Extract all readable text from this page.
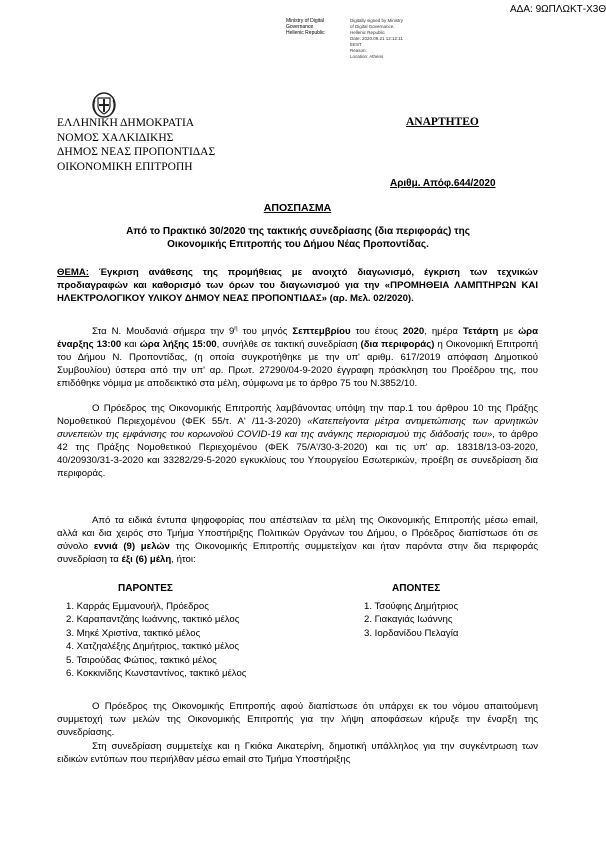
ΑΔΑ: 9ΩΠΛΩΚΤ-Χ3Θ
Ministry of Digital
Governance
Hellenic Republic
Digitally signed by Ministry
of Digital Governance,
Hellenic Republic
Date: 2020.09.21 12:12:11
EEST
Reason:
Location: Athens
ΕΛΛΗΝΙΚΗ ΔΗΜΟΚΡΑΤΙΑ
ΝΟΜΟΣ ΧΑΛΚΙΔΙΚΗΣ
ΔΗΜΟΣ ΝΕΑΣ ΠΡΟΠΟΝΤΙΔΑΣ
ΟΙΚΟΝΟΜΙΚΗ ΕΠΙΤΡΟΠΗ
ΑΝΑΡΤΗΤΕΟ
Αριθμ. Απόφ.644/2020
ΑΠΟΣΠΑΣΜΑ
Από το Πρακτικό 30/2020 της τακτικής συνεδρίασης (δια περιφοράς) της
Οικονομικής Επιτροπής του Δήμου Νέας Προποντίδας.
ΘΕΜΑ: Έγκριση ανάθεσης της προμήθειας με ανοιχτό διαγωνισμό, έγκριση των τεχνικών προδιαγραφών και καθορισμό των όρων του διαγωνισμού για την «ΠΡΟΜΗΘΕΙΑ ΛΑΜΠΤΗΡΩΝ ΚΑΙ ΗΛΕΚΤΡΟΛΟΓΙΚΟΥ ΥΛΙΚΟΥ ΔΗΜΟΥ ΝΕΑΣ ΠΡΟΠΟΝΤΙΔΑΣ» (αρ. Μελ. 02/2020).
Στα Ν. Μουδανιά σήμερα την $9^\eta$ του μηνός Σεπτεμβρίου του έτους 2020, ημέρα Τετάρτη με ώρα έναρξης 13:00 και ώρα λήξης 15:00, συνήλθε σε τακτική συνεδρίαση (δια περιφοράς) η Οικονομική Επιτροπή του Δήμου Ν. Προποντίδας, (η οποία συγκροτήθηκε με την υπ' αριθμ. 617/2019 απόφαση Δημοτικού Συμβουλίου) ύστερα από την υπ' αρ. Πρωτ. 27290/04-9-2020 έγγραφη πρόσκληση του Προέδρου της, που επιδόθηκε νόμιμα με αποδεικτικό στα μέλη, σύμφωνα με το άρθρο 75 του Ν.3852/10.
Ο Πρόεδρος της Οικονομικής Επιτροπής λαμβάνοντας υπόψη την παρ.1 του άρθρου 10 της Πράξης Νομοθετικού Περιεχομένου (ΦΕΚ 55/τ. Α' /11-3-2020) «Κατεπείγοντα μέτρα αντιμετώπισης των αρνητικών συνεπειών της εμφάνισης του κορωνοϊού COVID-19 και της ανάγκης περιορισμού της διάδοσής του», το άρθρο 42 της Πράξης Νομοθετικού Περιεχομένου (ΦΕΚ 75/Α'/30-3-2020) και τις υπ' αρ. 18318/13-03-2020, 40/20930/31-3-2020 και 33282/29-5-2020 εγκυκλίους του Υπουργείου Εσωτερικών, προέβη σε συνεδρίαση δια περιφοράς.
Από τα ειδικά έντυπα ψηφοφορίας που απέστειλαν τα μέλη της Οικονομικής Επιτροπής μέσω email, αλλά και δια χειρός στο Τμήμα Υποστήριξης Πολιτικών Οργάνων του Δήμου, ο Πρόεδρος διαπίστωσε ότι σε σύνολο εννιά (9) μελών της Οικονομικής Επιτροπής συμμετείχαν και ήταν παρόντα στην δια περιφοράς συνεδρίαση τα έξι (6) μέλη, ήτοι:
ΠΑΡΟΝΤΕΣ	ΑΠΟΝΤΕΣ
1. Καρράς Εμμανουήλ, Πρόεδρος
2. Καραπαντζάης Ιωάννης, τακτικό μέλος
3. Μηκέ Χριστίνα, τακτικό μέλος
4. Χατζηαλέξης Δημήτριος, τακτικό μέλος
5. Τσιρούδας Φώτιος, τακτικό μέλος
6. Κοκκινίδης Κωνσταντίνος, τακτικό μέλος
1. Τσούφης Δημήτριος
2. Γιακαγιάς Ιωάννης
3. Ιορδανίδου Πελαγία
Ο Πρόεδρος της Οικονομικής Επιτροπής αφού διαπίστωσε ότι υπάρχει εκ του νόμου απαιτούμενη συμμετοχή των μελών της Οικονομικής Επιτροπής για την λήψη αποφάσεων κήρυξε την έναρξη της συνεδρίασης.
Στη συνεδρίαση συμμετείχε και η Γκιόκα Αικατερίνη, δημοτική υπάλληλος για την συγκέντρωση των ειδικών εντύπων που περιήλθαν μέσω email στο Τμήμα Υποστήριξης
